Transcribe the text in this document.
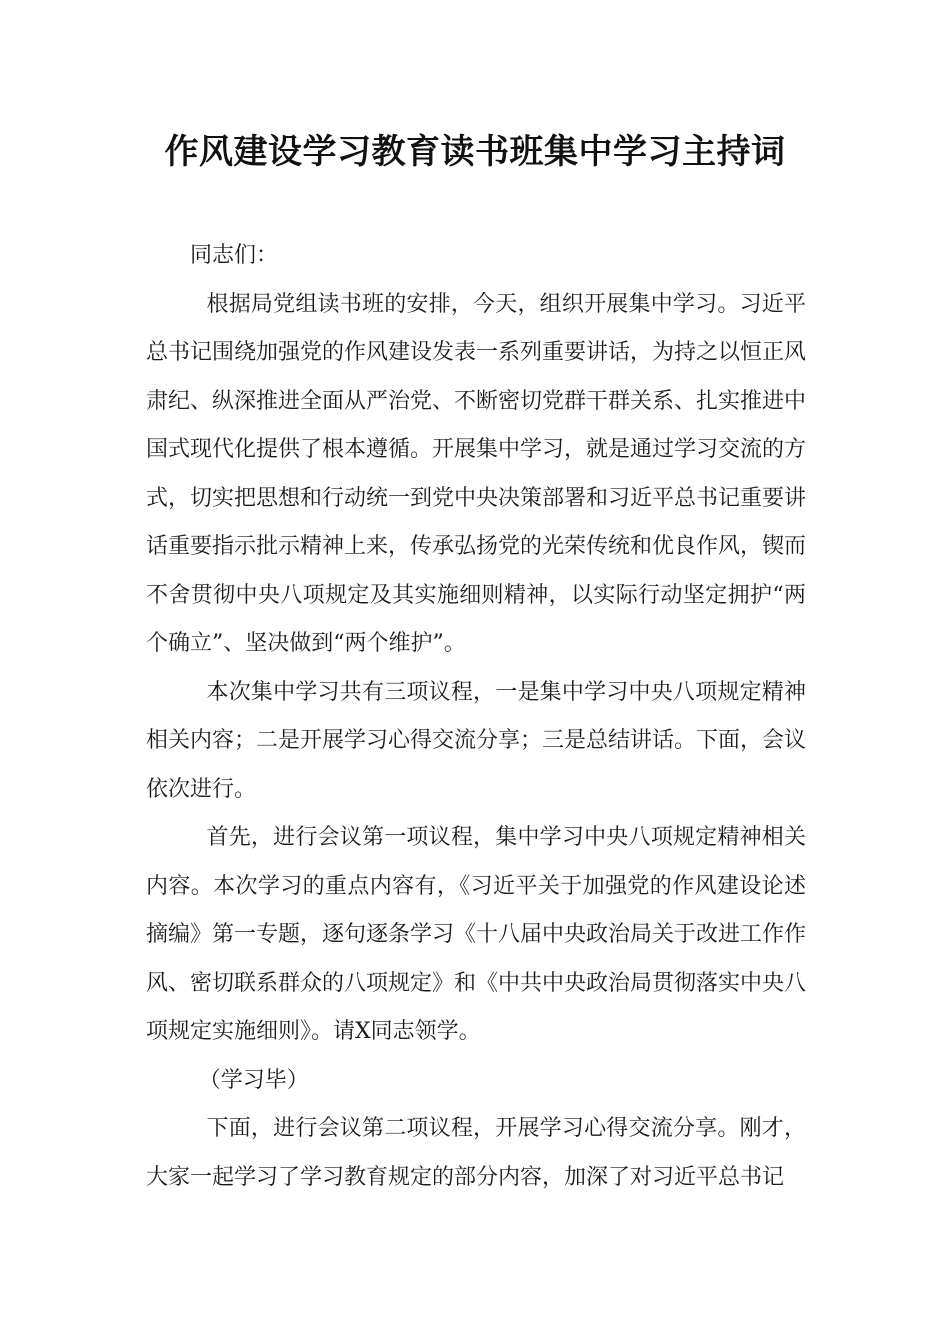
作风建设学习教育读书班集中学习主持词

同志们：

根据局党组读书班的安排，今天，组织开展集中学习。习近平总书记围绕加强党的作风建设发表一系列重要讲话，为持之以恒正风肃纪、纵深推进全面从严治党、不断密切党群干群关系、扎实推进中国式现代化提供了根本遵循。开展集中学习，就是通过学习交流的方式，切实把思想和行动统一到党中央决策部署和习近平总书记重要讲话重要指示批示精神上来，传承弘扬党的光荣传统和优良作风，锲而不舍贯彻中央八项规定及其实施细则精神，以实际行动坚定拥护“两个确立”、坚决做到“两个维护”。

本次集中学习共有三项议程，一是集中学习中央八项规定精神相关内容；二是开展学习心得交流分享；三是总结讲话。下面，会议依次进行。

首先，进行会议第一项议程，集中学习中央八项规定精神相关内容。本次学习的重点内容有，《习近平关于加强党的作风建设论述摘编》第一专题，逐句逐条学习《十八届中央政治局关于改进工作作风、密切联系群众的八项规定》和《中共中央政治局贯彻落实中央八项规定实施细则》。请X同志领学。

（学习毕）

下面，进行会议第二项议程，开展学习心得交流分享。刚才，大家一起学习了学习教育规定的部分内容，加深了对习近平总书记
